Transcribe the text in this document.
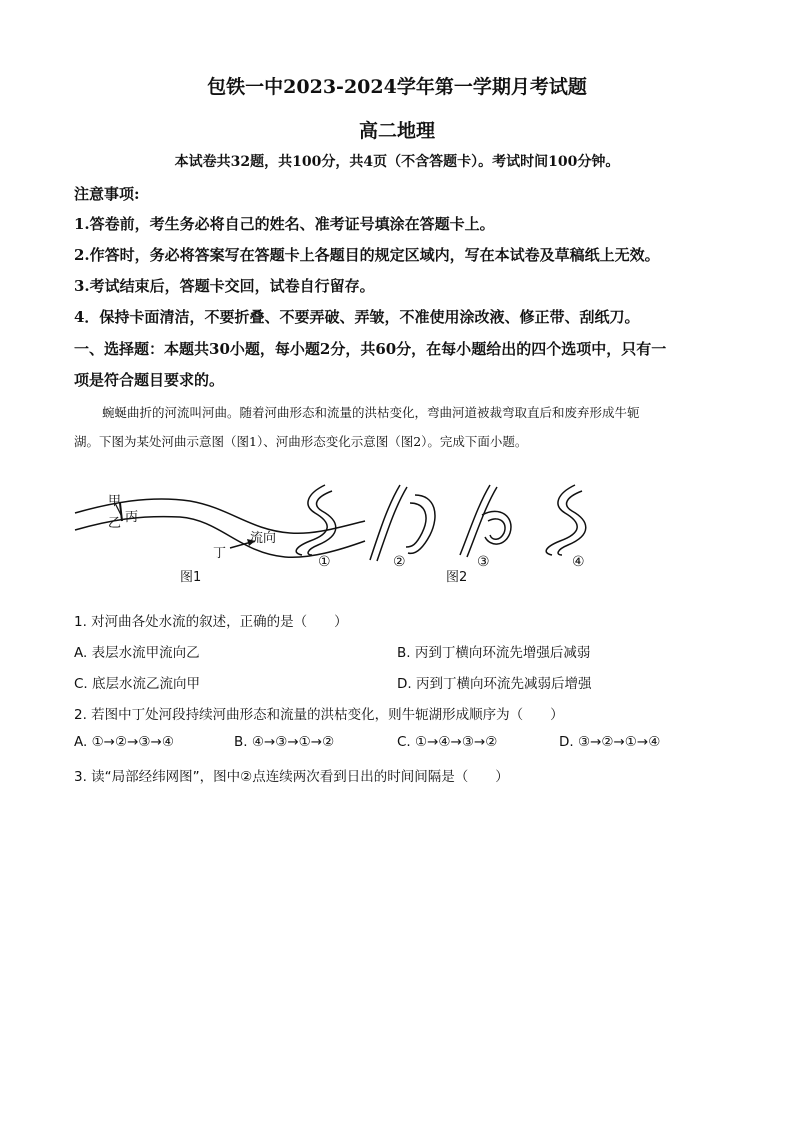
包铁一中2023-2024学年第一学期月考试题
高二地理
本试卷共32题，共100分，共4页（不含答题卡）。考试时间100分钟。
注意事项:
1.答卷前，考生务必将自己的姓名、准考证号填涂在答题卡上。
2.作答时，务必将答案写在答题卡上各题目的规定区域内，写在本试卷及草稿纸上无效。
3.考试结束后，答题卡交回，试卷自行留存。
4．保持卡面清洁，不要折叠、不要弄破、弄皱，不准使用涂改液、修正带、刮纸刀。
一、选择题：本题共30小题，每小题2分，共60分，在每小题给出的四个选项中，只有一
项是符合题目要求的。
蜿蜒曲折的河流叫河曲。随着河曲形态和流量的洪枯变化，弯曲河道被裁弯取直后和废弃形成牛轭
湖。下图为某处河曲示意图（图1）、河曲形态变化示意图（图2）。完成下面小题。
甲
乙 丙
丁
流向
①	②	③	④
图1	图2
1. 对河曲各处水流的叙述，正确的是（　　）
A. 表层水流甲流向乙	B. 丙到丁横向环流先增强后减弱
C. 底层水流乙流向甲	D. 丙到丁横向环流先减弱后增强
2. 若图中丁处河段持续河曲形态和流量的洪枯变化，则牛轭湖形成顺序为（　　）
A. ①→②→③→④	B. ④→③→①→②	C. ①→④→③→②	D. ③→②→①→④
3. 读“局部经纬网图”，图中②点连续两次看到日出的时间间隔是（　　）
